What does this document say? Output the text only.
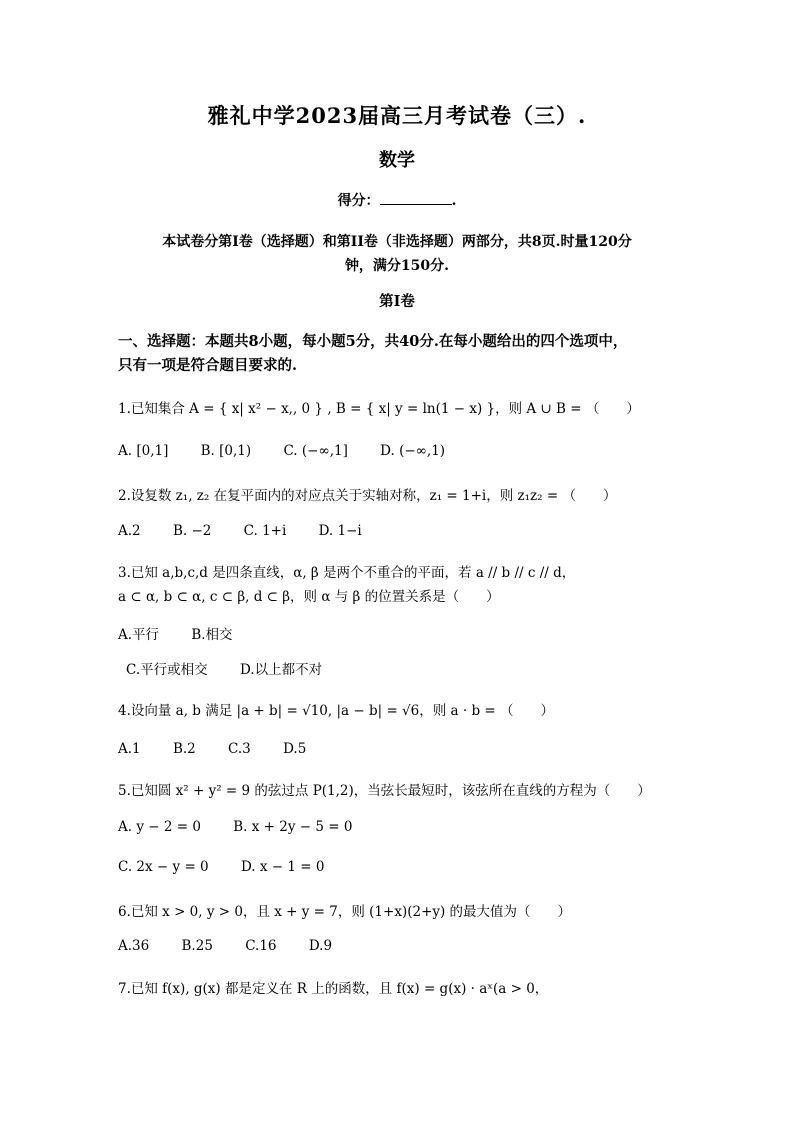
雅礼中学2023届高三月考试卷（三）.
数学
得分：	.
本试卷分第I卷（选择题）和第II卷（非选择题）两部分，共8页.时量120分
钟，满分150分.
第I卷
一、选择题：本题共8小题，每小题5分，共40分.在每小题给出的四个选项中，
只有一项是符合题目要求的.
1.已知集合 A = { x| x² − x,, 0 } , B = { x| y = ln(1 − x) }，则 A ∪ B = （　　）
A. [0,1] B. [0,1) C. (−∞,1] D. (−∞,1)
2.设复数 z₁, z₂ 在复平面内的对应点关于实轴对称，z₁ = 1+i，则 z₁z₂ = （　　）
A.2 B. −2 C. 1+i D. 1−i
3.已知 a,b,c,d 是四条直线，α, β 是两个不重合的平面，若 a // b // c // d，
a ⊂ α, b ⊂ α, c ⊂ β, d ⊂ β，则 α 与 β 的位置关系是（　　）
A.平行 B.相交
C.平行或相交 D.以上都不对
4.设向量 a, b 满足 |a + b| = √10, |a − b| = √6，则 a · b = （　　）
A.1 B.2 C.3 D.5
5.已知圆 x² + y² = 9 的弦过点 P(1,2)，当弦长最短时，该弦所在直线的方程为（　　）
A. y − 2 = 0 B. x + 2y − 5 = 0
C. 2x − y = 0 D. x − 1 = 0
6.已知 x > 0, y > 0，且 x + y = 7，则 (1+x)(2+y) 的最大值为（　　）
A.36 B.25 C.16 D.9
7.已知 f(x), g(x) 都是定义在 R 上的函数，且 f(x) = g(x) · aˣ(a > 0，
